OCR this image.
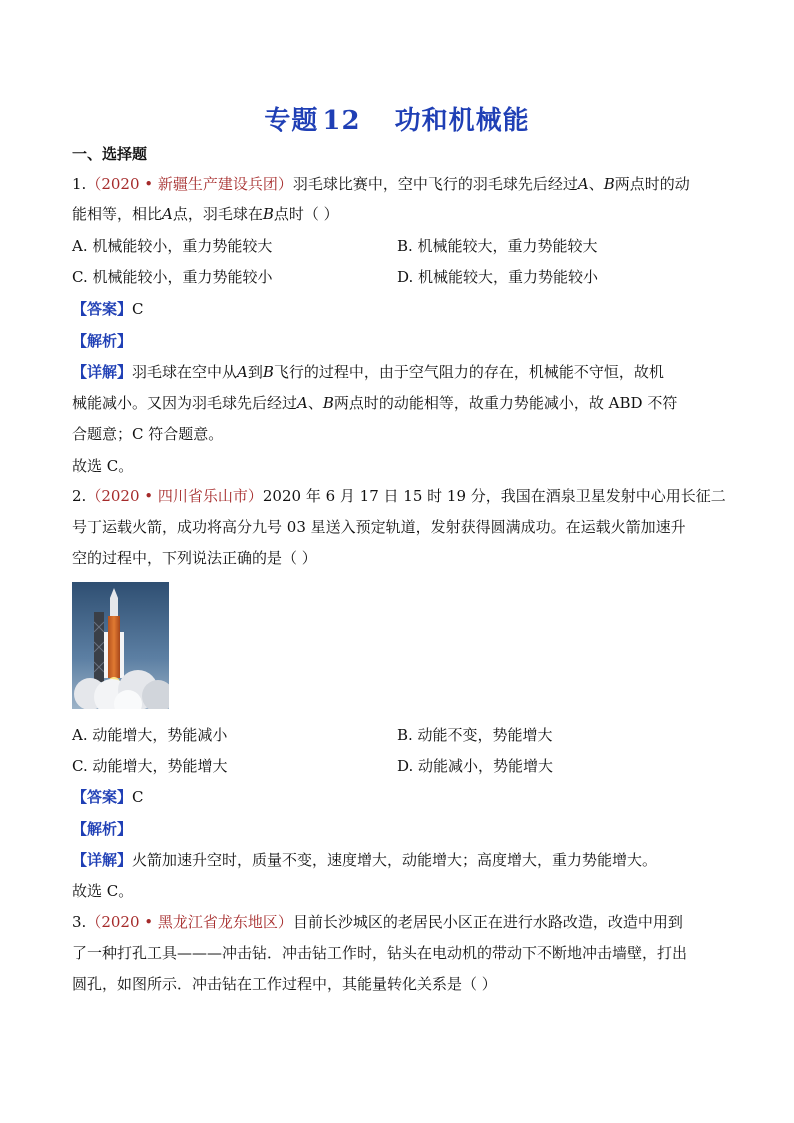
专题 12 功和机械能
一、选择题
1.（2020 • 新疆生产建设兵团）羽毛球比赛中，空中飞行的羽毛球先后经过A、B两点时的动
能相等，相比A点，羽毛球在B点时（ ）
A. 机械能较小，重力势能较大	B. 机械能较大，重力势能较大
C. 机械能较小，重力势能较小	D. 机械能较大，重力势能较小
【答案】C
【解析】
【详解】羽毛球在空中从A到B飞行的过程中，由于空气阻力的存在，机械能不守恒，故机
械能减小。又因为羽毛球先后经过A、B两点时的动能相等，故重力势能减小，故 ABD 不符
合题意；C 符合题意。
故选 C。
2.（2020 • 四川省乐山市）2020 年 6 月 17 日 15 时 19 分，我国在酒泉卫星发射中心用长征二
号丁运载火箭，成功将高分九号 03 星送入预定轨道，发射获得圆满成功。在运载火箭加速升
空的过程中，下列说法正确的是（ ）
A. 动能增大，势能减小	B. 动能不变，势能增大
C. 动能增大，势能增大	D. 动能减小，势能增大
【答案】C
【解析】
【详解】火箭加速升空时，质量不变，速度增大，动能增大；高度增大，重力势能增大。
故选 C。
3.（2020 • 黑龙江省龙东地区）目前长沙城区的老居民小区正在进行水路改造，改造中用到
了一种打孔工具———冲击钻．冲击钻工作时，钻头在电动机的带动下不断地冲击墙壁，打出
圆孔，如图所示．冲击钻在工作过程中，其能量转化关系是（ ）
